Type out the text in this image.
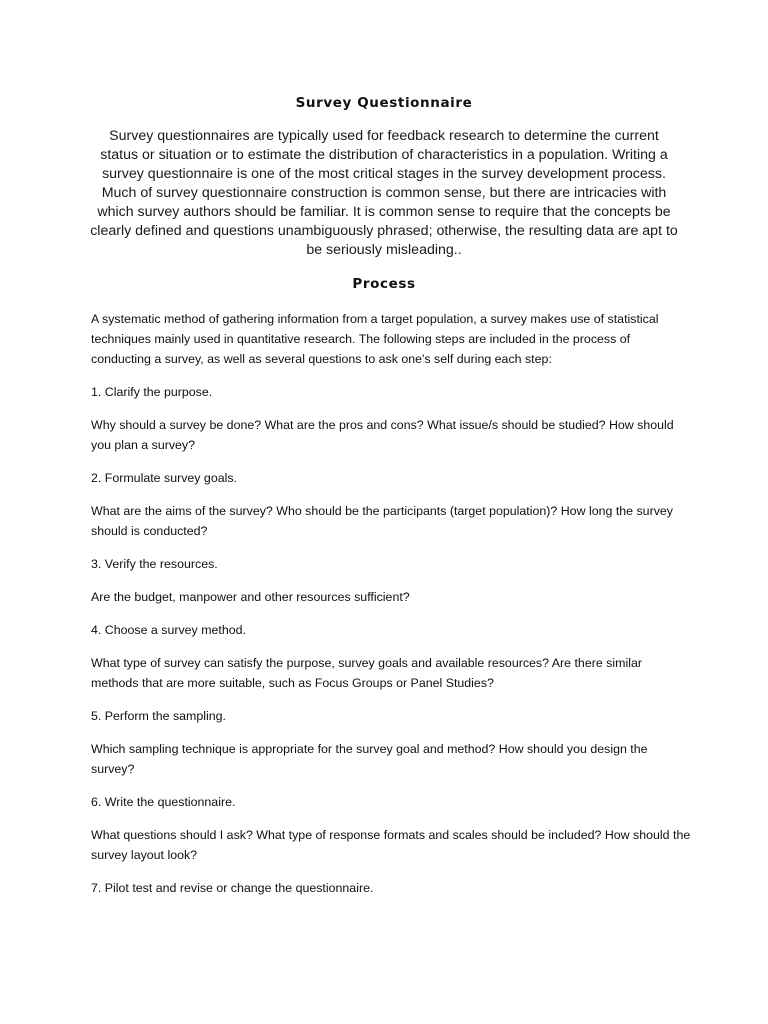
Survey Questionnaire
Survey questionnaires are typically used for feedback research to determine the current status or situation or to estimate the distribution of characteristics in a population. Writing a survey questionnaire is one of the most critical stages in the survey development process. Much of survey questionnaire construction is common sense, but there are intricacies with which survey authors should be familiar. It is common sense to require that the concepts be clearly defined and questions unambiguously phrased; otherwise, the resulting data are apt to be seriously misleading..
Process

A systematic method of gathering information from a target population, a survey makes use of statistical techniques mainly used in quantitative research. The following steps are included in the process of conducting a survey, as well as several questions to ask one's self during each step:

1. Clarify the purpose.

Why should a survey be done? What are the pros and cons? What issue/s should be studied? How should you plan a survey?

2. Formulate survey goals.

What are the aims of the survey? Who should be the participants (target population)? How long the survey should is conducted?

3. Verify the resources.

Are the budget, manpower and other resources sufficient?

4. Choose a survey method.

What type of survey can satisfy the purpose, survey goals and available resources? Are there similar methods that are more suitable, such as Focus Groups or Panel Studies?

5. Perform the sampling.

Which sampling technique is appropriate for the survey goal and method? How should you design the survey?

6. Write the questionnaire.

What questions should I ask? What type of response formats and scales should be included? How should the survey layout look?

7. Pilot test and revise or change the questionnaire.
